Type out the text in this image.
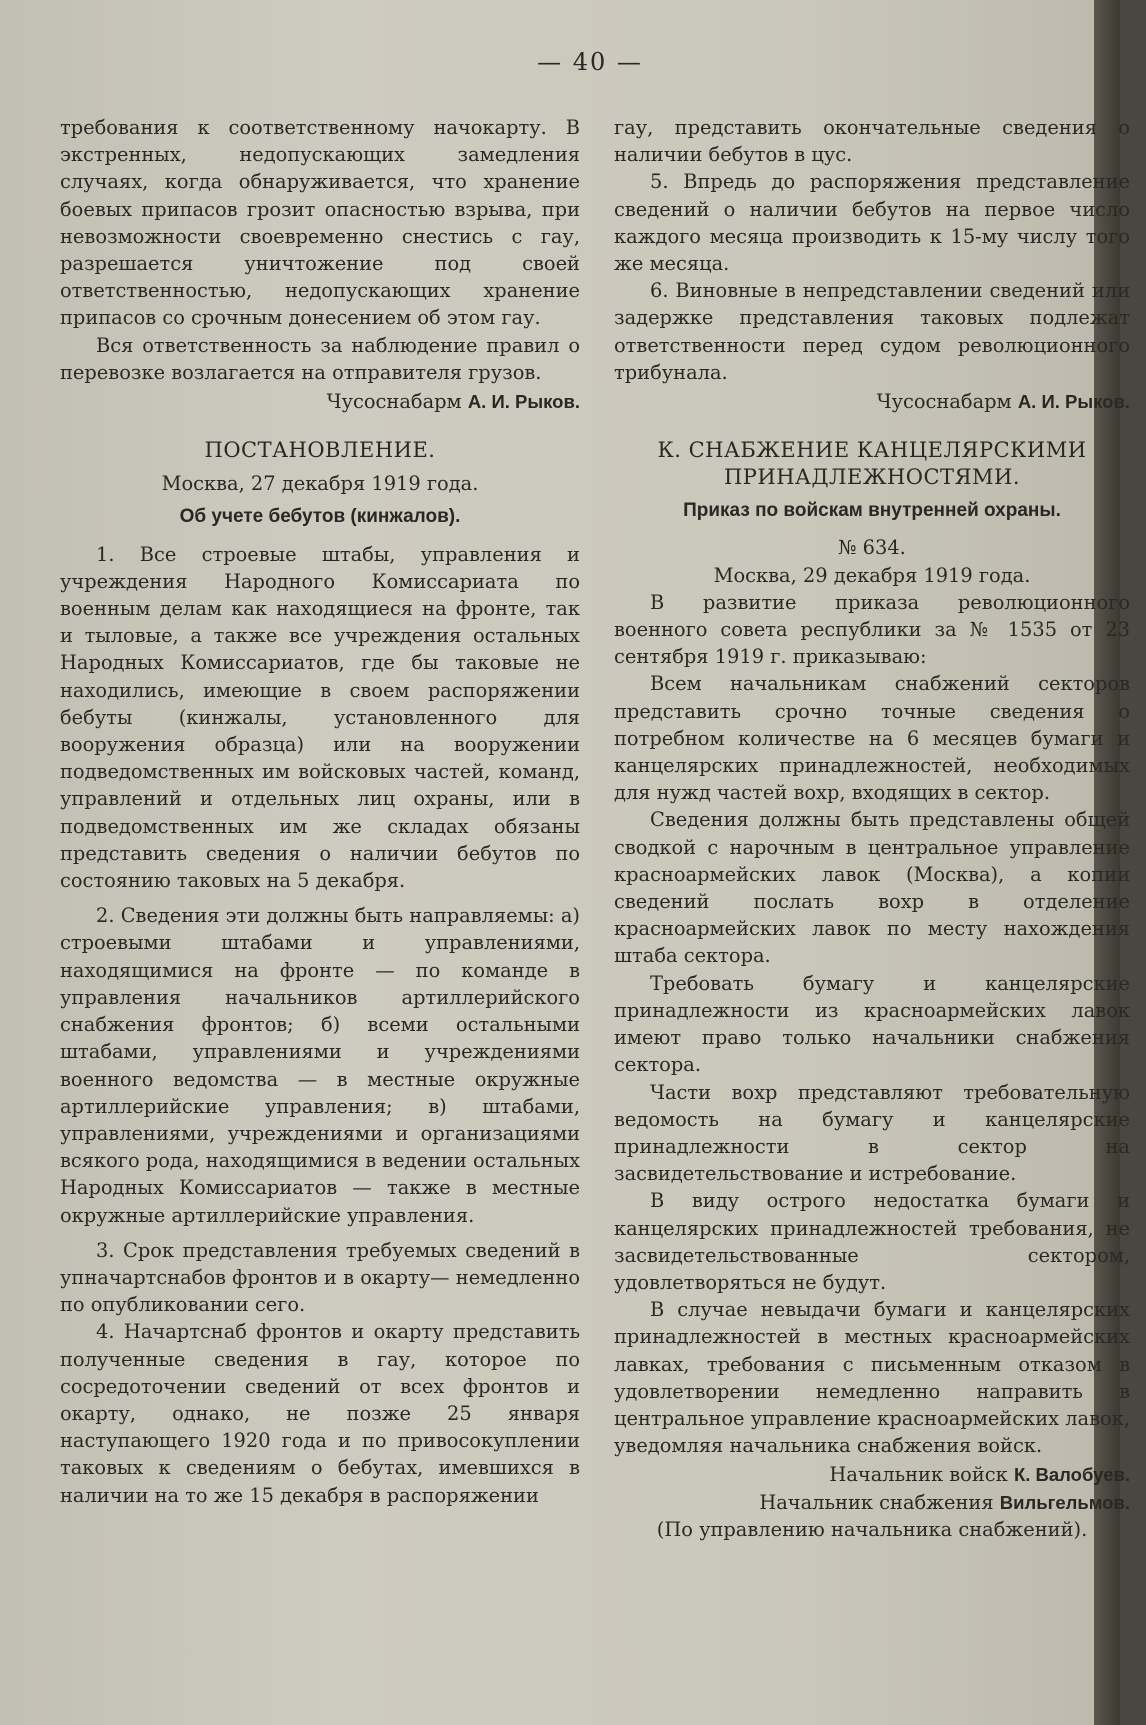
— 40 —

требования к соответственному начокарту. В экстренных, недопускающих замедления случаях, когда обнаруживается, что хранение боевых припасов грозит опасностью взрыва, при невозможности своевременно снестись с гау, разрешается уничтожение под своей ответственностью, недопускающих хранение припасов со срочным донесением об этом гау.

Вся ответственность за наблюдение правил о перевозке возлагается на отправителя грузов.

Чусоснабарм А. И. Рыков.
ПОСТАНОВЛЕНИЕ.

Москва, 27 декабря 1919 года.

Об учете бебутов (кинжалов).

1. Все строевые штабы, управления и учреждения Народного Комиссариата по военным делам как находящиеся на фронте, так и тыловые, а также все учреждения остальных Народных Комиссариатов, где бы таковые не находились, имеющие в своем распоряжении бебуты (кинжалы, установленного для вооружения образца) или на вооружении подведомственных им войсковых частей, команд, управлений и отдельных лиц охраны, или в подведомственных им же складах обязаны представить сведения о наличии бебутов по состоянию таковых на 5 декабря.

2. Сведения эти должны быть направляемы: а) строевыми штабами и управлениями, находящимися на фронте — по команде в управления начальников артиллерийского снабжения фронтов; б) всеми остальными штабами, управлениями и учреждениями военного ведомства — в местные окружные артиллерийские управления; в) штабами, управлениями, учреждениями и организациями всякого рода, находящимися в ведении остальных Народных Комиссариатов — также в местные окружные артиллерийские управления.

3. Срок представления требуемых сведений в упначартснабов фронтов и в окарту— немедленно по опубликовании сего.

4. Начартснаб фронтов и окарту представить полученные сведения в гау, которое по сосредоточении сведений от всех фронтов и окарту, однако, не позже 25 января наступающего 1920 года и по привосокуплении таковых к сведениям о бебутах, имевшихся в наличии на то же 15 декабря в распоряжении

гау, представить окончательные сведения о наличии бебутов в цус.

5. Впредь до распоряжения представление сведений о наличии бебутов на первое число каждого месяца производить к 15-му числу того же месяца.

6. Виновные в непредставлении сведений или задержке представления таковых подлежат ответственности перед судом революционного трибунала.

Чусоснабарм А. И. Рыков.
К. СНАБЖЕНИЕ КАНЦЕЛЯРСКИМИ ПРИНАДЛЕЖНОСТЯМИ.
Приказ по войскам внутренней охраны.

№ 634.

Москва, 29 декабря 1919 года.

В развитие приказа революционного военного совета республики за № 1535 от 23 сентября 1919 г. приказываю:

Всем начальникам снабжений секторов представить срочно точные сведения о потребном количестве на 6 месяцев бумаги и канцелярских принадлежностей, необходимых для нужд частей вохр, входящих в сектор.

Сведения должны быть представлены общей сводкой с нарочным в центральное управление красноармейских лавок (Москва), а копии сведений послать вохр в отделение красноармейских лавок по месту нахождения штаба сектора.

Требовать бумагу и канцелярские принадлежности из красноармейских лавок имеют право только начальники снабжения сектора.

Части вохр представляют требовательную ведомость на бумагу и канцелярские принадлежности в сектор на засвидетельствование и истребование.

В виду острого недостатка бумаги и канцелярских принадлежностей требования, не засвидетельствованные сектором, удовлетворяться не будут.

В случае невыдачи бумаги и канцелярских принадлежностей в местных красноармейских лавках, требования с письменным отказом в удовлетворении немедленно направить в центральное управление красноармейских лавок, уведомляя начальника снабжения войск.

Начальник войск К. Валобуев.
Начальник снабжения Вильгельмов.

(По управлению начальника снабжений).
